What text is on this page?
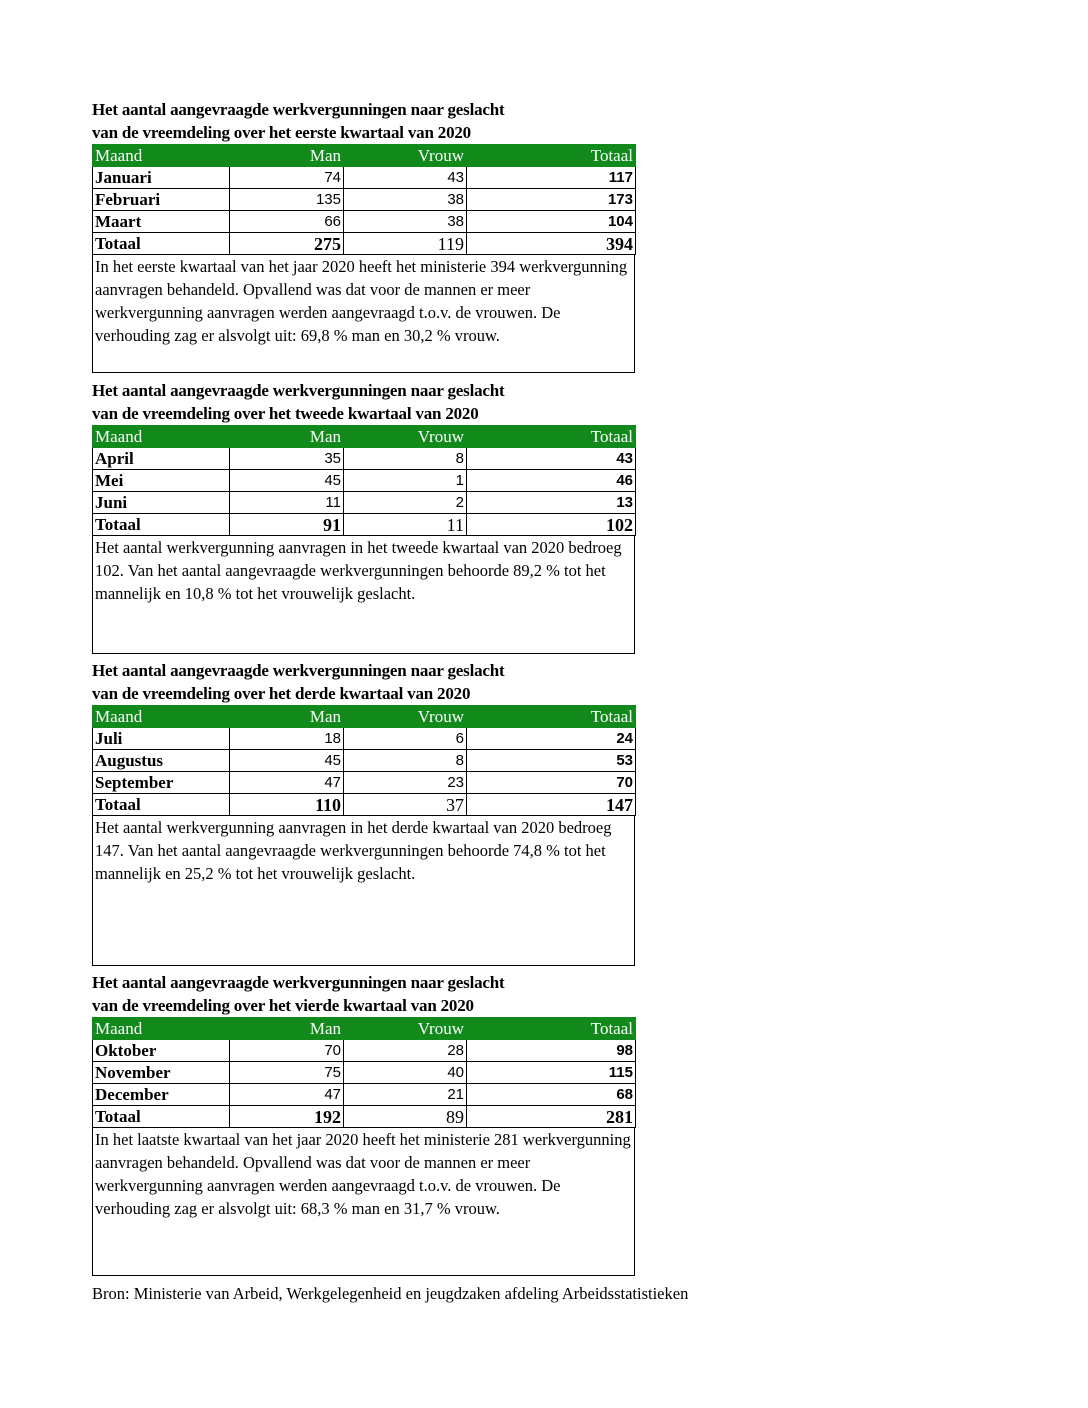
Het aantal aangevraagde werkvergunningen naar geslacht
van de vreemdeling over het eerste kwartaal van 2020
Maand	Man	Vrouw	Totaal
Januari	74	43	117
Februari	135	38	173
Maart	66	38	104
Totaal	275	119	394
In het eerste kwartaal van het jaar 2020 heeft het ministerie 394 werkvergunning aanvragen behandeld. Opvallend was dat voor de mannen er meer werkvergunning aanvragen werden aangevraagd t.o.v. de vrouwen. De verhouding zag er alsvolgt uit: 69,8 % man en 30,2 % vrouw.
Het aantal aangevraagde werkvergunningen naar geslacht
van de vreemdeling over het tweede kwartaal van 2020
Maand	Man	Vrouw	Totaal
April	35	8	43
Mei	45	1	46
Juni	11	2	13
Totaal	91	11	102
Het aantal werkvergunning aanvragen in het tweede kwartaal van 2020 bedroeg 102. Van het aantal aangevraagde werkvergunningen behoorde 89,2 % tot het mannelijk en 10,8 % tot het vrouwelijk geslacht.
Het aantal aangevraagde werkvergunningen naar geslacht
van de vreemdeling over het derde kwartaal van 2020
Maand	Man	Vrouw	Totaal
Juli	18	6	24
Augustus	45	8	53
September	47	23	70
Totaal	110	37	147
Het aantal werkvergunning aanvragen in het derde kwartaal van 2020 bedroeg 147. Van het aantal aangevraagde werkvergunningen behoorde 74,8 % tot het mannelijk en 25,2 % tot het vrouwelijk geslacht.
Het aantal aangevraagde werkvergunningen naar geslacht
van de vreemdeling over het vierde kwartaal van 2020
Maand	Man	Vrouw	Totaal
Oktober	70	28	98
November	75	40	115
December	47	21	68
Totaal	192	89	281
In het laatste kwartaal van het jaar 2020 heeft het ministerie 281 werkvergunning aanvragen behandeld. Opvallend was dat voor de mannen er meer werkvergunning aanvragen werden aangevraagd t.o.v. de vrouwen. De verhouding zag er alsvolgt uit: 68,3 % man en 31,7 % vrouw.
Bron: Ministerie van Arbeid, Werkgelegenheid en jeugdzaken afdeling Arbeidsstatistieken
